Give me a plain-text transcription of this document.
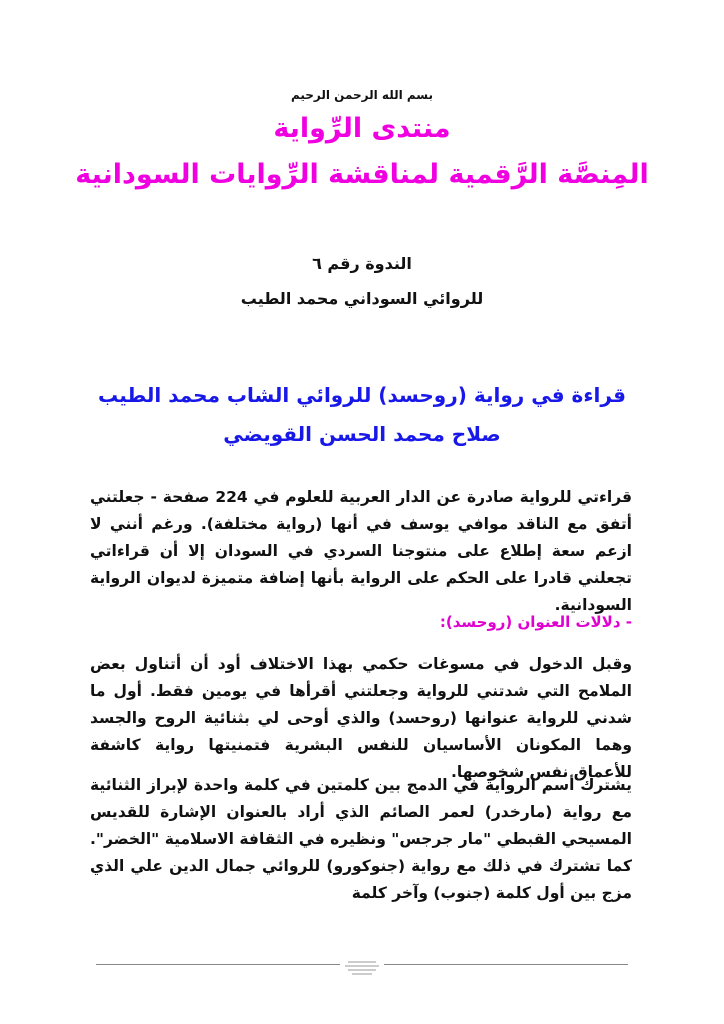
بسم الله الرحمن الرحيم
منتدى الرِّواية
المِنصَّة الرَّقمية لمناقشة الرِّوايات السودانية
الندوة رقم ٦
للروائي السوداني محمد الطيب
قراءة في رواية (روحسد) للروائي الشاب محمد الطيب
صلاح محمد الحسن القويضي
قراءتي للرواية صادرة عن الدار العربية للعلوم في 224 صفحة - جعلتني أتفق مع الناقد موافي يوسف في أنها (رواية مختلفة). ورغم أنني لا ازعم سعة إطلاع على منتوجنا السردي في السودان إلا أن قراءاتي تجعلني قادرا على الحكم على الرواية بأنها إضافة متميزة لديوان الرواية السودانية.
- دلالات العنوان (روحسد):
وقبل الدخول في مسوغات حكمي بهذا الاختلاف أود أن أتناول بعض الملامح التي شدتني للرواية وجعلتني أقرأها في يومين فقط. أول ما شدني للرواية عنوانها (روحسد) والذي أوحى لي بثنائية الروح والجسد وهما المكونان الأساسيان للنفس البشرية فتمنيتها رواية كاشفة للأعماق نفس شخوصها.
يشترك أسم الرواية في الدمج بين كلمتين في كلمة واحدة لإبراز الثنائية مع رواية (مارخدر) لعمر الصائم الذي أراد بالعنوان الإشارة للقديس المسيحي القبطي "مار جرجس" ونظيره في الثقافة الاسلامية "الخضر". كما تشترك في ذلك مع رواية (جنوكورو) للروائي جمال الدين علي الذي مزج بين أول كلمة (جنوب) وآخر كلمة
